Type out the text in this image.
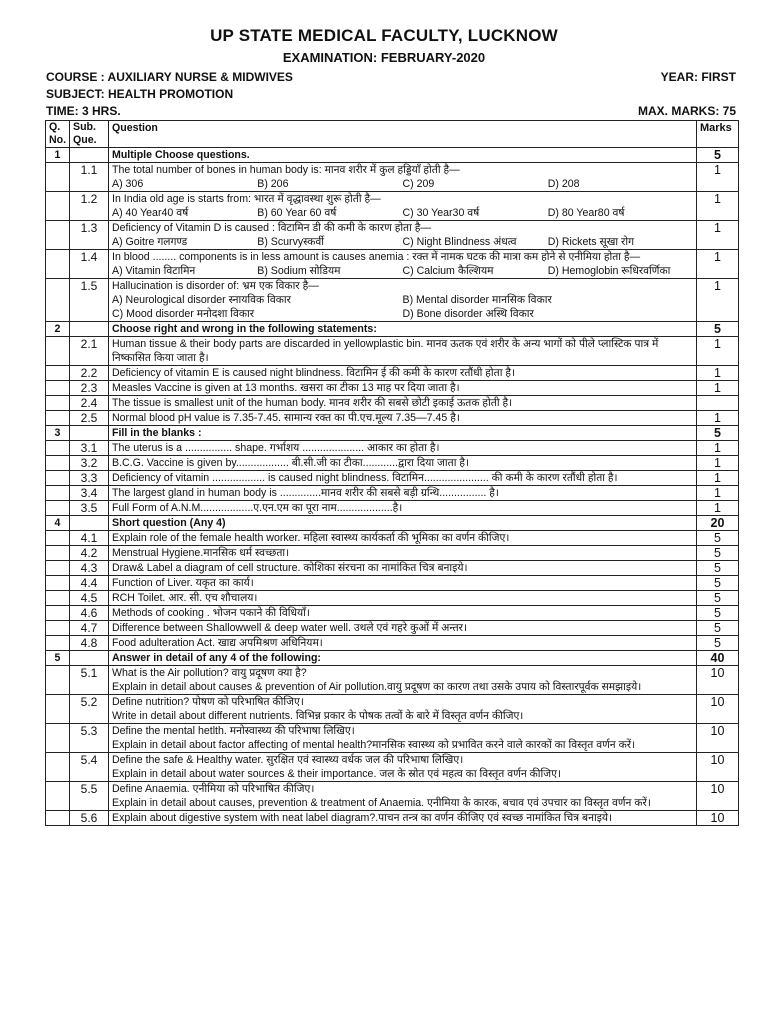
UP STATE MEDICAL FACULTY, LUCKNOW
EXAMINATION: FEBRUARY-2020
COURSE : AUXILIARY NURSE & MIDWIVES	YEAR: FIRST
SUBJECT: HEALTH PROMOTION
TIME: 3 HRS.	MAX. MARKS: 75
Q. No.	Sub. Que.	Question	Marks
1		Multiple Choose questions.	5
	1.1	The total number of bones in human body is: मानव शरीर में कुल हड्डियाँ होती है—
A) 306 B) 206 C) 209 D) 208	1
	1.2	In India old age is starts from: भारत में वृद्धावस्था शुरू होती है—
A) 40 Year40 वर्ष B) 60 Year 60 वर्ष C) 30 Year30 वर्ष D) 80 Year80 वर्ष	1
	1.3	Deficiency of Vitamin D is caused : विटामिन डी की कमी के कारण होता है—
A) Goitre गलगण्ड B) Scurvyस्कर्वी C) Night Blindness अंधत्व D) Rickets सूखा रोग	1
	1.4	In blood ........ components is in less amount is causes anemia : रक्त में नामक घटक की मात्रा कम होने से एनीमिया होता है—
A) Vitamin विटामिन B) Sodium सोडियम C) Calcium कैल्शियम D) Hemoglobin रूधिरवर्णिका	1
	1.5	Hallucination is disorder of: भ्रम एक विकार है—
A) Neurological disorder स्नायविक विकार B) Mental disorder मानसिक विकार
C) Mood disorder मनोदशा विकार D) Bone disorder अस्थि विकार	1
2		Choose right and wrong in the following statements:	5
	2.1	Human tissue & their body parts are discarded in yellowplastic bin. मानव ऊतक एवं शरीर के अन्य भागों को पीले प्लास्टिक पात्र में निष्कासित किया जाता है।	1
	2.2	Deficiency of vitamin E is caused night blindness. विटामिन ई की कमी के कारण रतौंधी होता है।	1
	2.3	Measles Vaccine is given at 13 months. खसरा का टीका 13 माह पर दिया जाता है।	1
	2.4	The tissue is smallest unit of the human body. मानव शरीर की सबसे छोटी इकाई ऊतक होती है।	

	2.5	Normal blood pH value is 7.35-7.45. सामान्य रक्त का पी.एच.मूल्य 7.35—7.45 है।	1
3		Fill in the blanks :	5
	3.1	The uterus is a ................ shape. गर्भाशय ..................... आकार का होता है।	1
	3.2	B.C.G. Vaccine is given by.................. बी.सी.जी का टीका............द्वारा दिया जाता है।	1
	3.3	Deficiency of vitamin .................. is caused night blindness. विटामिन...................... की कमी के कारण रतौंधी होता है।	1
	3.4	The largest gland in human body is ..............मानव शरीर की सबसे बड़ी ग्रन्थि................ है।	1
	3.5	Full Form of A.N.M..................ए.एन.एम का पूरा नाम...................है।	1
4		Short question (Any 4)	20
	4.1	Explain role of the female health worker. महिला स्वास्थ्य कार्यकर्ता की भूमिका का वर्णन कीजिए।	5
	4.2	Menstrual Hygiene.मानसिक धर्म स्वच्छता।	5
	4.3	Draw& Label a diagram of cell structure. कोशिका संरचना का नामांकित चित्र बनाइये।	5
	4.4	Function of Liver. यकृत का कार्य।	5
	4.5	RCH Toilet. आर. सी. एच शौचालय।	5
	4.6	Methods of cooking . भोजन पकाने की विधियाँ।	5
	4.7	Difference between Shallowwell & deep water well. उथले एवं गहरे कुओं में अन्तर।	5
	4.8	Food adulteration Act. खाद्य अपमिश्रण अधिनियम।	5
5		Answer in detail of any 4 of the following:	40
	5.1	What is the Air pollution? वायु प्रदूषण क्या है?
Explain in detail about causes & prevention of Air pollution.वायु प्रदूषण का कारण तथा उसके उपाय को विस्तारपूर्वक समझाइये।	10
	5.2	Define nutrition? पोषण को परिभाषित कीजिए।
Write in detail about different nutrients. विभिन्न प्रकार के पोषक तत्वों के बारे में विस्तृत वर्णन कीजिए।	10
	5.3	Define the mental hetlth. मनोस्वास्थ्य की परिभाषा लिखिए।
Explain in detail about factor affecting of mental health?मानसिक स्वास्थ्य को प्रभावित करने वाले कारकों का विस्तृत वर्णन करें।	10
	5.4	Define the safe & Healthy water. सुरक्षित एवं स्वास्थ्य वर्धक जल की परिभाषा लिखिए।
Explain in detail about water sources & their importance. जल के स्रोत एवं महत्व का विस्तृत वर्णन कीजिए।	10
	5.5	Define Anaemia. एनीमिया को परिभाषित कीजिए।
Explain in detail about causes, prevention & treatment of Anaemia. एनीमिया के कारक, बचाव एवं उपचार का विस्तृत वर्णन करें।	10
	5.6	Explain about digestive system with neat label diagram?.पाचन तन्त्र का वर्णन कीजिए एवं स्वच्छ नामांकित चित्र बनाइये।	10
